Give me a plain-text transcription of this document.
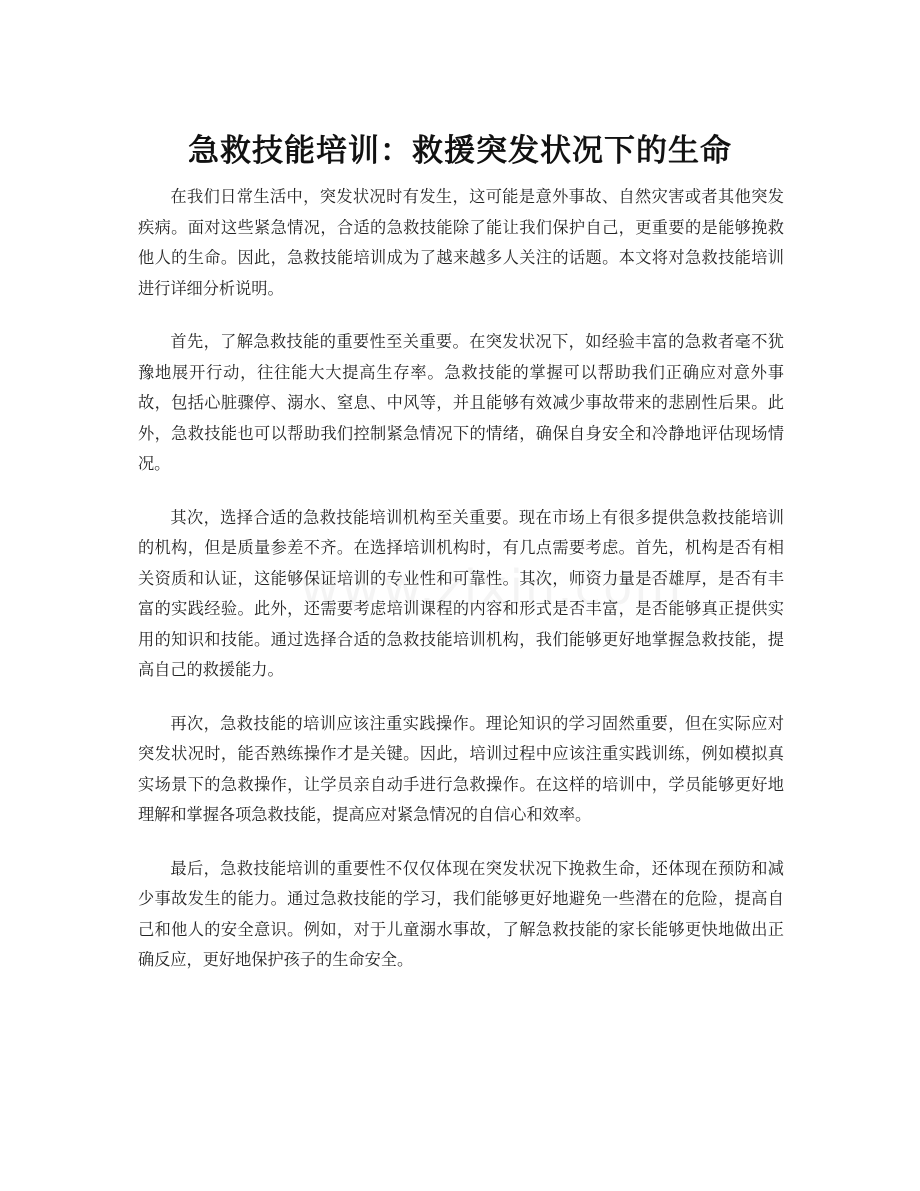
急救技能培训：救援突发状况下的生命

在我们日常生活中，突发状况时有发生，这可能是意外事故、自然灾害或者其他突发疾病。面对这些紧急情况，合适的急救技能除了能让我们保护自己，更重要的是能够挽救他人的生命。因此，急救技能培训成为了越来越多人关注的话题。本文将对急救技能培训进行详细分析说明。

首先，了解急救技能的重要性至关重要。在突发状况下，如经验丰富的急救者毫不犹豫地展开行动，往往能大大提高生存率。急救技能的掌握可以帮助我们正确应对意外事故，包括心脏骤停、溺水、窒息、中风等，并且能够有效减少事故带来的悲剧性后果。此外，急救技能也可以帮助我们控制紧急情况下的情绪，确保自身安全和冷静地评估现场情况。

其次，选择合适的急救技能培训机构至关重要。现在市场上有很多提供急救技能培训的机构，但是质量参差不齐。在选择培训机构时，有几点需要考虑。首先，机构是否有相关资质和认证，这能够保证培训的专业性和可靠性。其次，师资力量是否雄厚，是否有丰富的实践经验。此外，还需要考虑培训课程的内容和形式是否丰富，是否能够真正提供实用的知识和技能。通过选择合适的急救技能培训机构，我们能够更好地掌握急救技能，提高自己的救援能力。

再次，急救技能的培训应该注重实践操作。理论知识的学习固然重要，但在实际应对突发状况时，能否熟练操作才是关键。因此，培训过程中应该注重实践训练，例如模拟真实场景下的急救操作，让学员亲自动手进行急救操作。在这样的培训中，学员能够更好地理解和掌握各项急救技能，提高应对紧急情况的自信心和效率。

最后，急救技能培训的重要性不仅仅体现在突发状况下挽救生命，还体现在预防和减少事故发生的能力。通过急救技能的学习，我们能够更好地避免一些潜在的危险，提高自己和他人的安全意识。例如，对于儿童溺水事故，了解急救技能的家长能够更快地做出正确反应，更好地保护孩子的生命安全。
